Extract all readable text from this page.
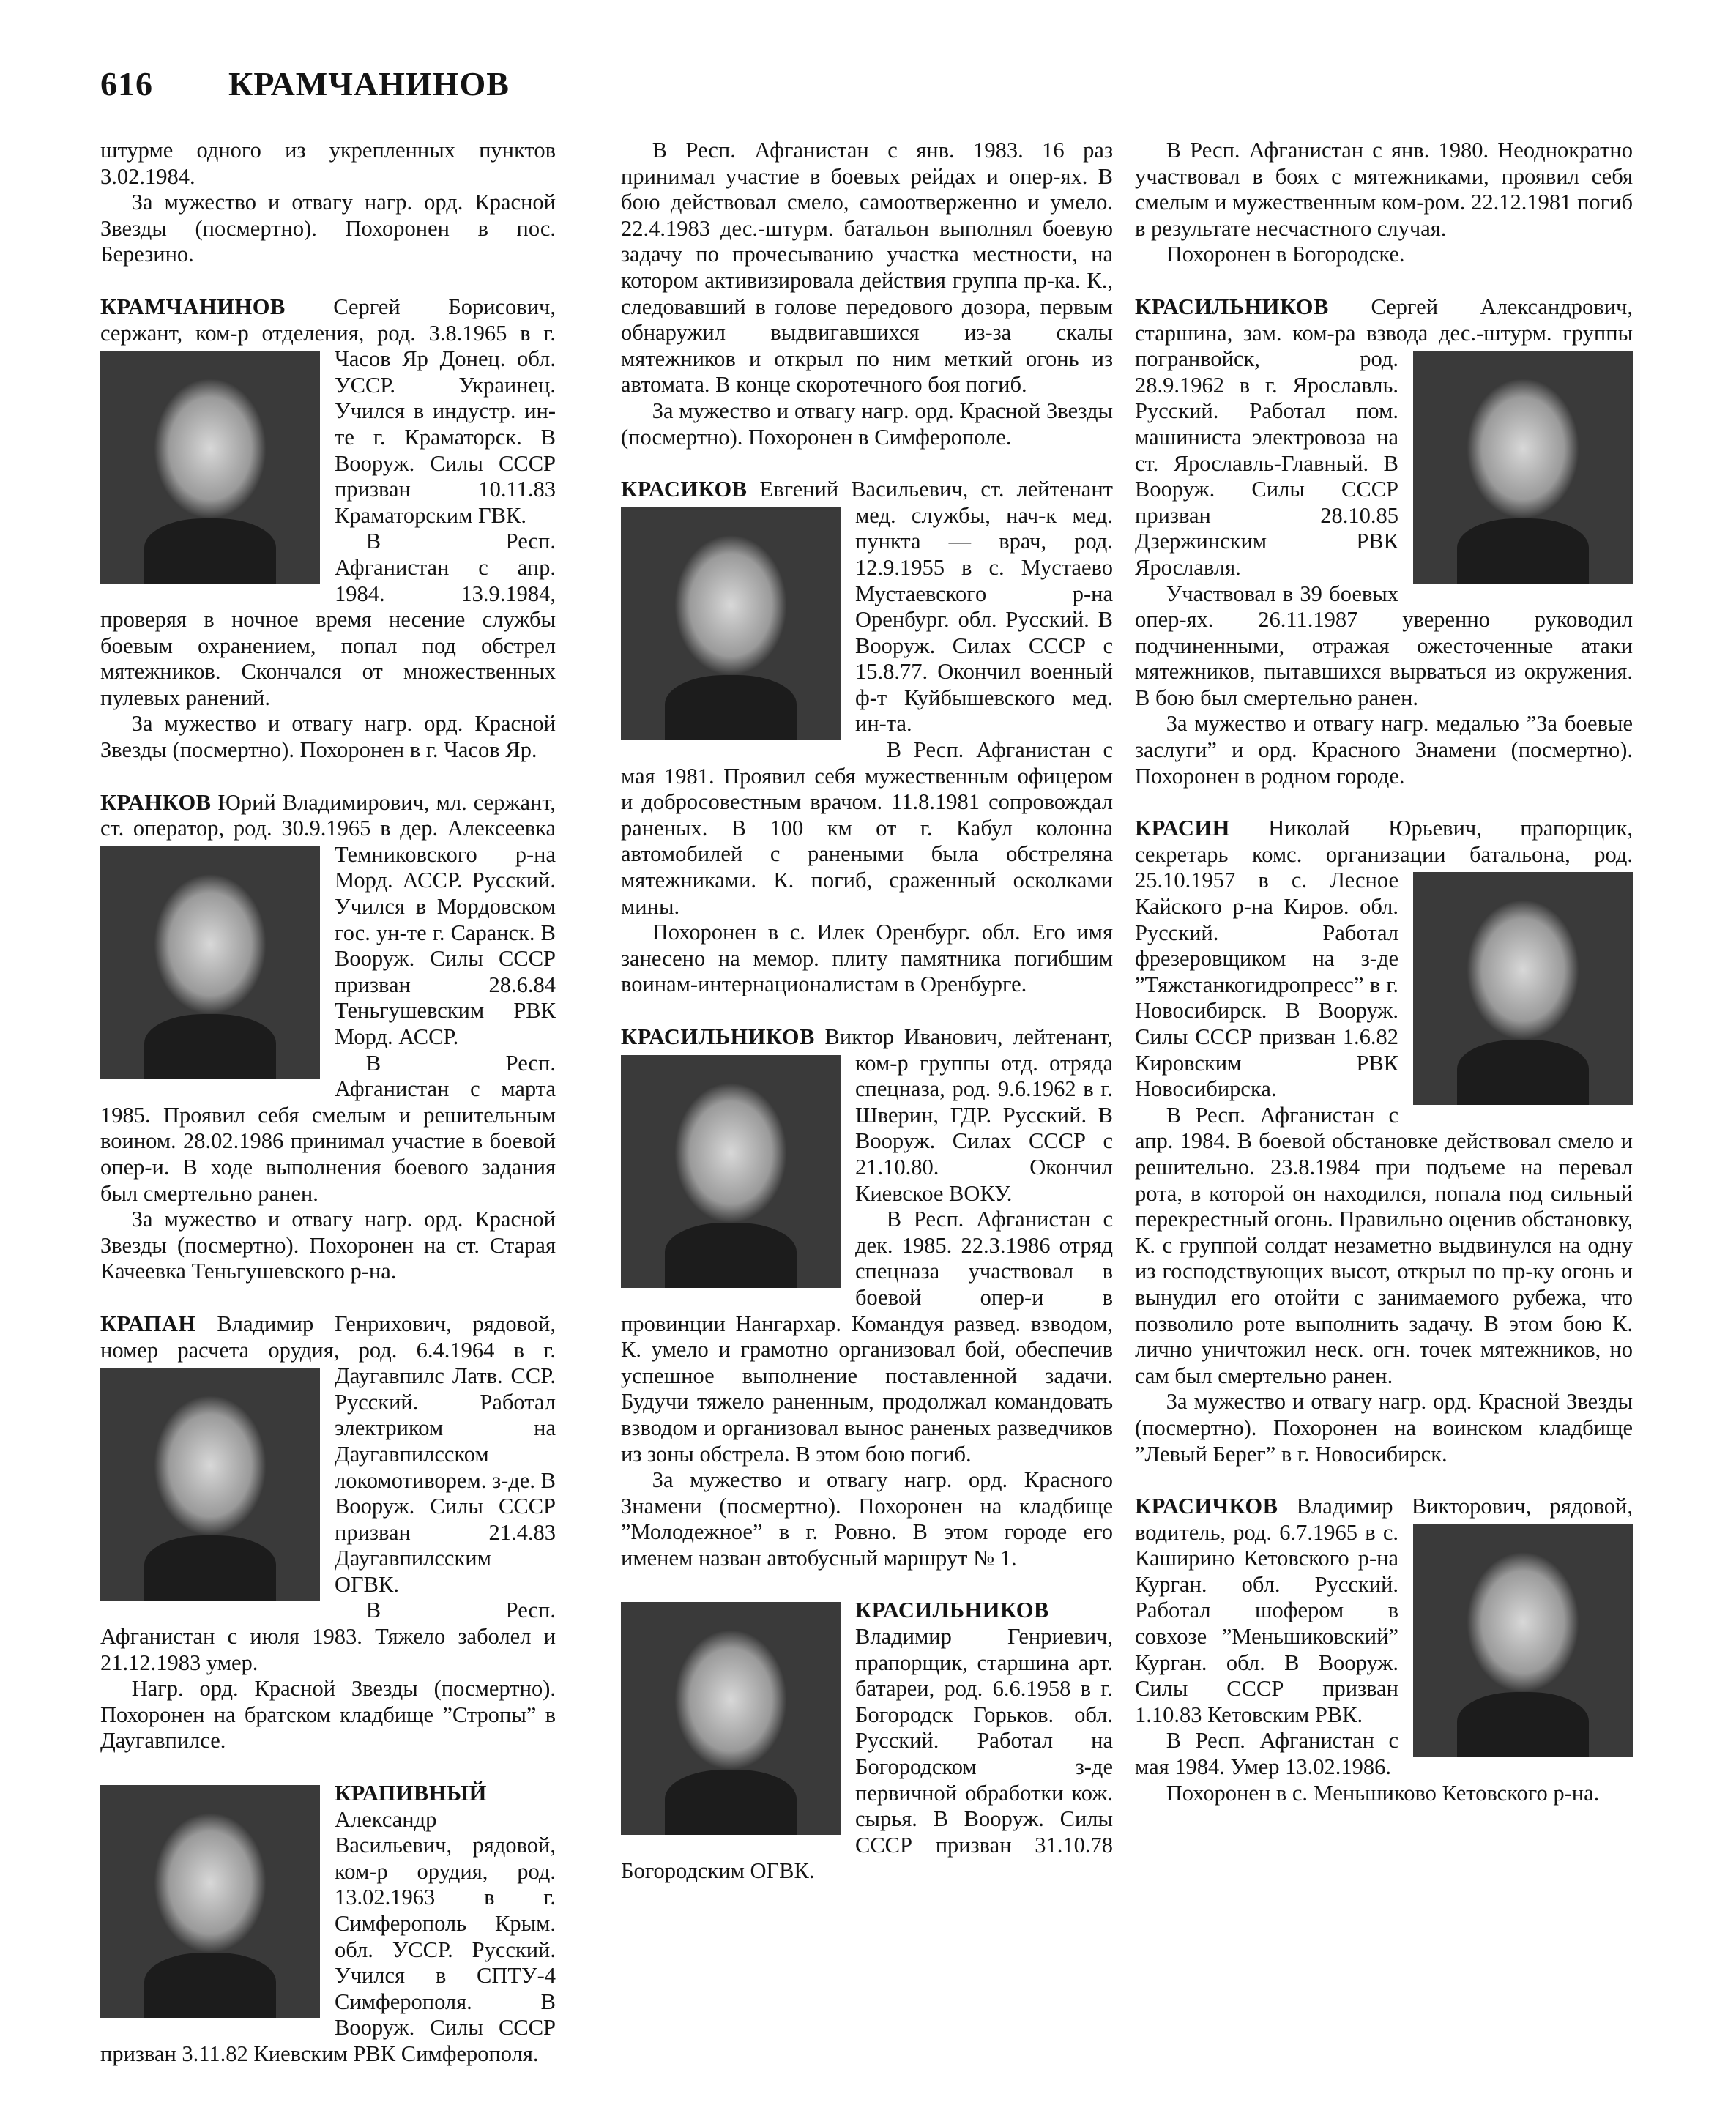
616 КРАМЧАНИНОВ

штурме одного из укрепленных пунктов 3.02.1984.

За мужество и отвагу нагр. орд. Красной Звезды (посмертно). Похоронен в пос. Березино.

КРАМЧАНИНОВ Сергей Борисович, сержант, ком-р отделения, род. 3.8.1965 в г.
Часов Яр Донец. обл. УССР. Украинец. Учился в индустр. ин-те г. Краматорск. В Вооруж. Силы СССР призван 10.11.83 Краматорским ГВК.

В Респ. Афганистан с апр. 1984. 13.9.1984, проверяя в ночное время несение службы боевым охранением, попал под обстрел мятежников. Скончался от множественных пулевых ранений.

За мужество и отвагу нагр. орд. Красной Звезды (посмертно). Похоронен в г. Часов Яр.

КРАНКОВ Юрий Владимирович, мл. сержант, ст. оператор, род. 30.9.1965 в дер. Алексеевка Темниковского р-на Морд. АССР. Русский. Учился в Мордовском гос. ун-те г. Саранск. В Вооруж. Силы СССР призван 28.6.84 Теньгушевским РВК Морд. АССР.

В Респ. Афганистан с марта 1985. Проявил себя смелым и решительным воином. 28.02.1986 принимал участие в боевой опер-и. В ходе выполнения боевого задания был смертельно ранен.

За мужество и отвагу нагр. орд. Красной Звезды (посмертно). Похоронен на ст. Старая Качеевка Теньгушевского р-на.

КРАПАН Владимир Генрихович, рядовой, номер расчета орудия, род. 6.4.1964 в г.
Даугавпилс Латв. ССР. Русский. Работал электриком на Даугавпилсском локомотиворем. з-де. В Вооруж. Силы СССР призван 21.4.83 Даугавпилсским ОГВК.

В Респ. Афганистан с июля 1983. Тяжело заболел и 21.12.1983 умер.

Нагр. орд. Красной Звезды (посмертно). Похоронен на братском кладбище ”Стропы” в Даугавпилсе.

КРАПИВНЫЙ Александр Васильевич, рядовой, ком-р орудия, род. 13.02.1963 в г. Симферополь Крым. обл. УССР. Русский. Учился в СПТУ-4 Симферополя. В Вооруж. Силы СССР призван 3.11.82 Киевским РВК Симферополя.

В Респ. Афганистан с янв. 1983. 16 раз принимал участие в боевых рейдах и опер-ях. В бою действовал смело, самоотверженно и умело. 22.4.1983 дес.-штурм. батальон выполнял боевую задачу по прочесыванию участка местности, на котором активизировала действия группа пр-ка. К., следовавший в голове передового дозора, первым обнаружил выдвигавшихся из-за скалы мятежников и открыл по ним меткий огонь из автомата. В конце скоротечного боя погиб.

За мужество и отвагу нагр. орд. Красной Звезды (посмертно). Похоронен в Симферополе.

КРАСИКОВ Евгений Васильевич, ст. лейтенант мед. службы, нач-к мед.
пункта — врач, род. 12.9.1955 в с. Мустаево Мустаевского р-на Оренбург. обл. Русский. В Вооруж. Силах СССР с 15.8.77. Окончил военный ф-т Куйбышевского мед. ин-та.

В Респ. Афганистан с мая 1981. Проявил себя мужественным офицером и добросовестным врачом. 11.8.1981 сопровождал раненых. В 100 км от г. Кабул колонна автомобилей с ранеными была обстреляна мятежниками. К. погиб, сраженный осколками мины.

Похоронен в с. Илек Оренбург. обл. Его имя занесено на мемор. плиту памятника погибшим воинам-интернационалистам в Оренбурге.

КРАСИЛЬНИКОВ Виктор Иванович, лейтенант, ком-р группы отд. отряда
спецназа, род. 9.6.1962 в г. Шверин, ГДР. Русский. В Вооруж. Силах СССР с 21.10.80. Окончил Киевское ВОКУ.

В Респ. Афганистан с дек. 1985. 22.3.1986 отряд спецназа участвовал в боевой опер-и в провинции Нангархар. Командуя развед. взводом, К. умело и грамотно организовал бой, обеспечив успешное выполнение поставленной задачи. Будучи тяжело раненным, продолжал командовать взводом и организовал вынос раненых разведчиков из зоны обстрела. В этом бою погиб.

За мужество и отвагу нагр. орд. Красного Знамени (посмертно). Похоронен на кладбище ”Молодежное” в г. Ровно. В этом городе его именем назван автобусный маршрут № 1.

КРАСИЛЬНИКОВ Владимир Генриевич, прапорщик, старшина арт. батареи, род. 6.6.1958 в г. Богородск Горьков. обл. Русский. Работал на Богородском з-де первичной обработки кож. сырья. В Вооруж. Силы СССР призван 31.10.78 Богородским ОГВК.

В Респ. Афганистан с янв. 1980. Неоднократно участвовал в боях с мятежниками, проявил себя смелым и мужественным ком-ром. 22.12.1981 погиб в результате несчастного случая.

Похоронен в Богородске.

КРАСИЛЬНИКОВ Сергей Александрович, старшина, зам. ком-ра взвода дес.-штурм. группы погранвойск, род. 28.9.1962 в г. Ярославль. Русский. Работал пом. машиниста электровоза на ст. Ярославль-Главный. В Вооруж. Силы СССР призван 28.10.85 Дзержинским РВК Ярославля.

Участвовал в 39 боевых опер-ях. 26.11.1987 уверенно руководил подчиненными, отражая ожесточенные атаки мятежников, пытавшихся вырваться из окружения. В бою был смертельно ранен.

За мужество и отвагу нагр. медалью ”За боевые заслуги” и орд. Красного Знамени (посмертно). Похоронен в родном городе.

КРАСИН Николай Юрьевич, прапорщик, секретарь комс. организации батальона, род. 25.10.1957 в с. Лесное Кайского р-на Киров. обл. Русский. Работал фрезеровщиком на з-де ”Тяжстанкогидропресс” в г. Новосибирск. В Вооруж. Силы СССР призван 1.6.82 Кировским РВК Новосибирска.

В Респ. Афганистан с апр. 1984. В боевой обстановке действовал смело и решительно. 23.8.1984 при подъеме на перевал рота, в которой он находился, попала под сильный перекрестный огонь. Правильно оценив обстановку, К. с группой солдат незаметно выдвинулся на одну из господствующих высот, открыл по пр-ку огонь и вынудил его отойти с занимаемого рубежа, что позволило роте выполнить задачу. В этом бою К. лично уничтожил неск. огн. точек мятежников, но сам был смертельно ранен.

За мужество и отвагу нагр. орд. Красной Звезды (посмертно). Похоронен на воинском кладбище ”Левый Берег” в г. Новосибирск.

КРАСИЧКОВ Владимир Викторович, рядовой, водитель, род. 6.7.1965 в с.
Каширино Кетовского р-на Курган. обл. Русский. Работал шофером в совхозе ”Меньшиковский” Курган. обл. В Вооруж. Силы СССР призван 1.10.83 Кетовским РВК.

В Респ. Афганистан с мая 1984. Умер 13.02.1986.

Похоронен в с. Меньшиково Кетовского р-на.
